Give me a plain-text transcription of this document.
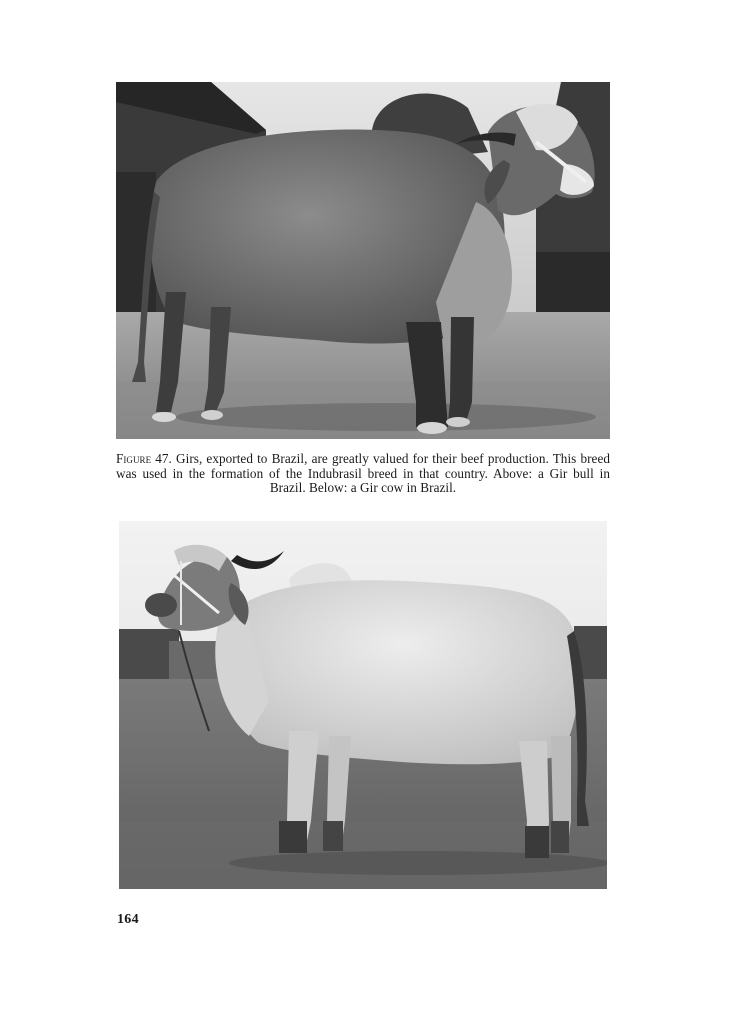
Figure 47. Girs, exported to Brazil, are greatly valued for their beef production. This breed was used in the formation of the Indubrasil breed in that country. Above: a Gir bull in Brazil. Below: a Gir cow in Brazil.
164
